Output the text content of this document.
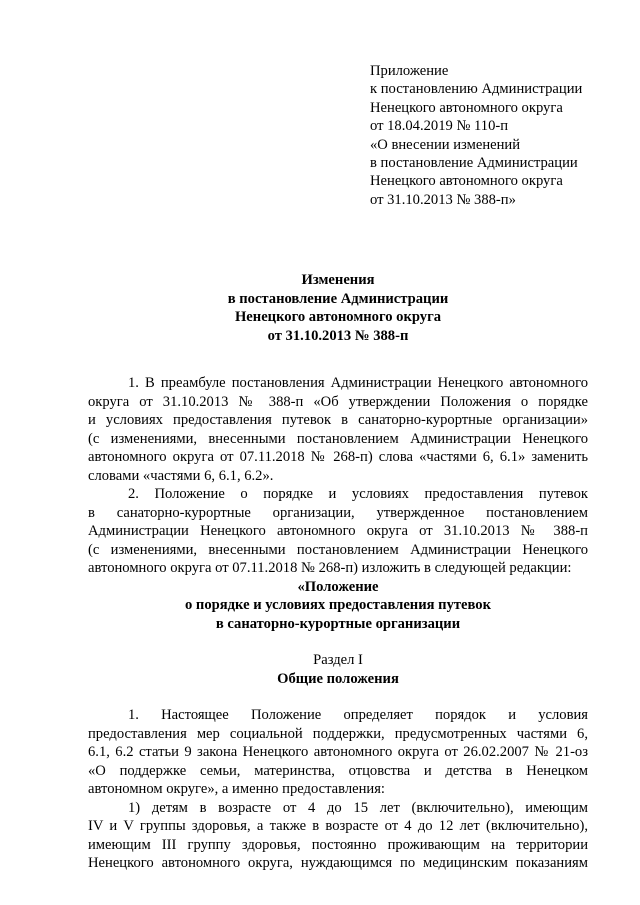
Приложение
к постановлению Администрации
Ненецкого автономного округа
от 18.04.2019 № 110-п
«О внесении изменений
в постановление Администрации
Ненецкого автономного округа
от 31.10.2013 № 388-п»
Изменения
в постановление Администрации
Ненецкого автономного округа
от 31.10.2013 № 388-п
1. В преамбуле постановления Администрации Ненецкого автономного
округа от 31.10.2013 № 388-п «Об утверждении Положения о порядке
и условиях предоставления путевок в санаторно-курортные организации»
(с изменениями, внесенными постановлением Администрации Ненецкого
автономного округа от 07.11.2018 № 268-п) слова «частями 6, 6.1» заменить
словами «частями 6, 6.1, 6.2».
2. Положение о порядке и условиях предоставления путевок
в санаторно-курортные организации, утвержденное постановлением
Администрации Ненецкого автономного округа от 31.10.2013 № 388-п
(с изменениями, внесенными постановлением Администрации Ненецкого
автономного округа от 07.11.2018 № 268-п) изложить в следующей редакции:
«Положение
о порядке и условиях предоставления путевок
в санаторно-курортные организации
Раздел I
Общие положения
1. Настоящее Положение определяет порядок и условия
предоставления мер социальной поддержки, предусмотренных частями 6,
6.1, 6.2 статьи 9 закона Ненецкого автономного округа от 26.02.2007 № 21-оз
«О поддержке семьи, материнства, отцовства и детства в Ненецком
автономном округе», а именно предоставления:
1) детям в возрасте от 4 до 15 лет (включительно), имеющим
IV и V группы здоровья, а также в возрасте от 4 до 12 лет (включительно),
имеющим III группу здоровья, постоянно проживающим на территории
Ненецкого автономного округа, нуждающимся по медицинским показаниям
